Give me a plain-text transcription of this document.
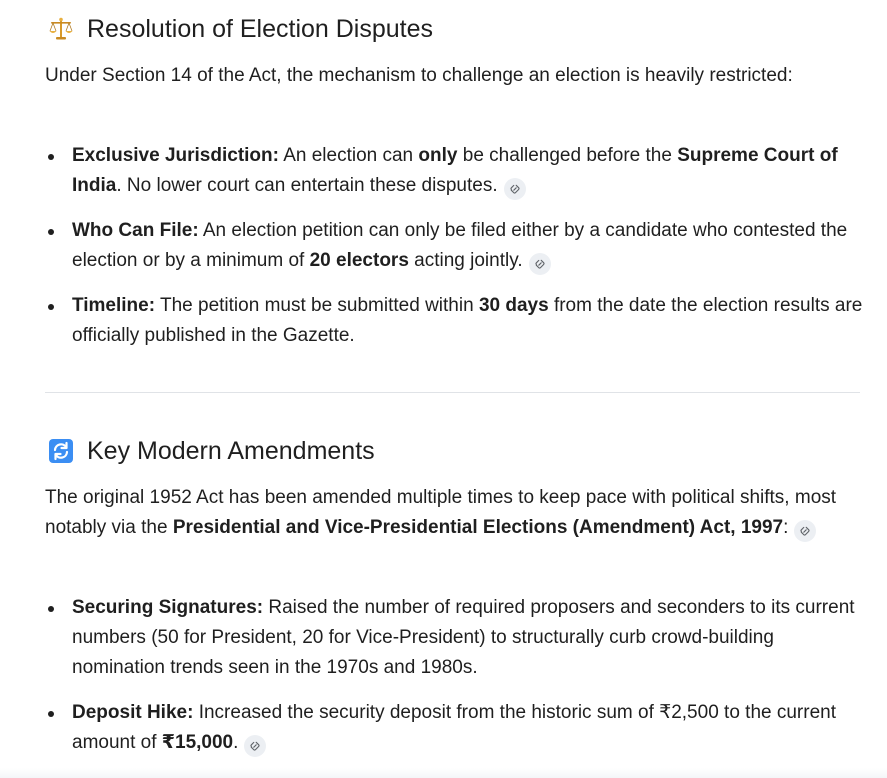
Resolution of Election Disputes

Under Section 14 of the Act, the mechanism to challenge an election is heavily restricted:

Exclusive Jurisdiction: An election can only be challenged before the Supreme Court of India. No lower court can entertain these disputes.
Who Can File: An election petition can only be filed either by a candidate who contested the election or by a minimum of 20 electors acting jointly.
Timeline: The petition must be submitted within 30 days from the date the election results are officially published in the Gazette.
Key Modern Amendments

The original 1952 Act has been amended multiple times to keep pace with political shifts, most notably via the Presidential and Vice-Presidential Elections (Amendment) Act, 1997:

Securing Signatures: Raised the number of required proposers and seconders to its current numbers (50 for President, 20 for Vice-President) to structurally curb crowd-building nomination trends seen in the 1970s and 1980s.
Deposit Hike: Increased the security deposit from the historic sum of ₹2,500 to the current amount of ₹15,000.
